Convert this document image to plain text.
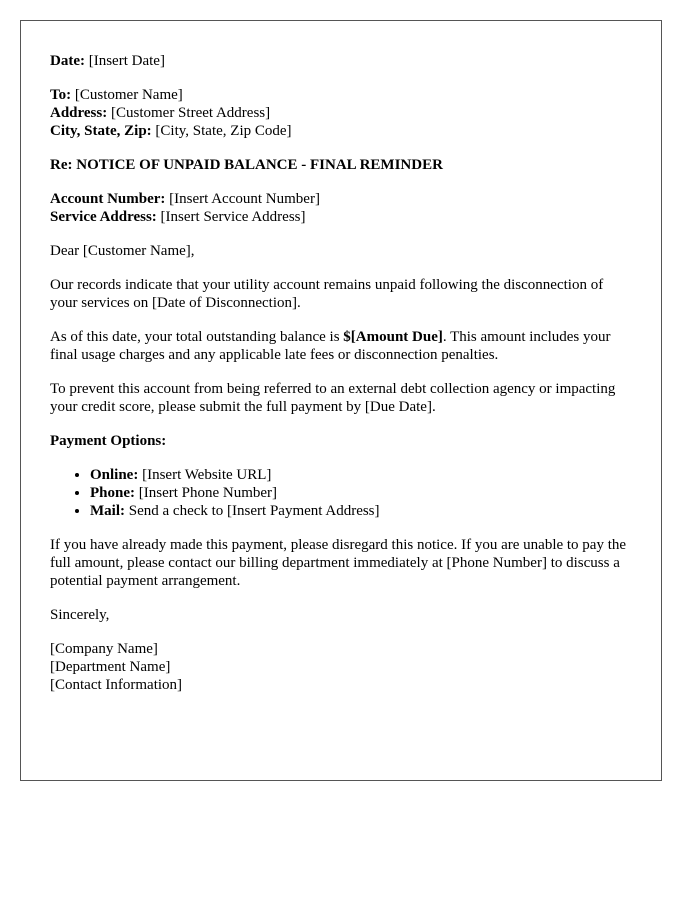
Date: [Insert Date]

To: [Customer Name]
Address: [Customer Street Address]
City, State, Zip: [City, State, Zip Code]

Re: NOTICE OF UNPAID BALANCE - FINAL REMINDER

Account Number: [Insert Account Number]
Service Address: [Insert Service Address]

Dear [Customer Name],

Our records indicate that your utility account remains unpaid following the disconnection of your services on [Date of Disconnection].

As of this date, your total outstanding balance is $[Amount Due]. This amount includes your final usage charges and any applicable late fees or disconnection penalties.

To prevent this account from being referred to an external debt collection agency or impacting your credit score, please submit the full payment by [Due Date].

Payment Options:

• Online: [Insert Website URL]
• Phone: [Insert Phone Number]
• Mail: Send a check to [Insert Payment Address]

If you have already made this payment, please disregard this notice. If you are unable to pay the full amount, please contact our billing department immediately at [Phone Number] to discuss a potential payment arrangement.

Sincerely,

[Company Name]
[Department Name]
[Contact Information]
